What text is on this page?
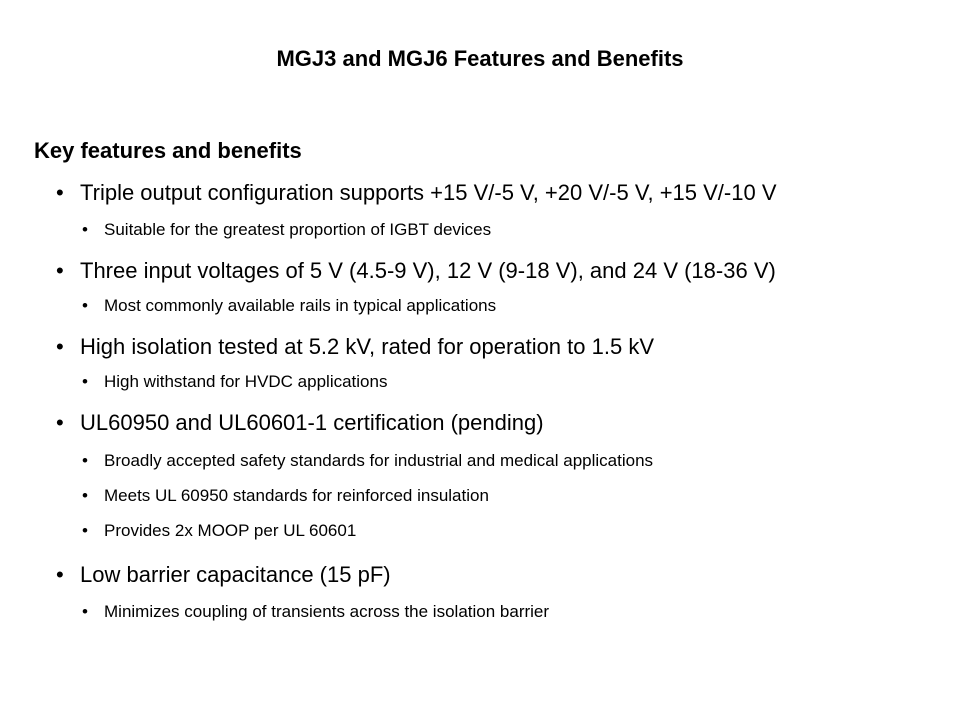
MGJ3 and MGJ6 Features and Benefits
Key features and benefits
• Triple output configuration supports +15 V/-5 V, +20 V/-5 V, +15 V/-10 V
• Suitable for the greatest proportion of IGBT devices
• Three input voltages of 5 V (4.5-9 V), 12 V (9-18 V), and 24 V (18-36 V)
• Most commonly available rails in typical applications
• High isolation tested at 5.2 kV, rated for operation to 1.5 kV
• High withstand for HVDC applications
• UL60950 and UL60601-1 certification (pending)
• Broadly accepted safety standards for industrial and medical applications
• Meets UL 60950 standards for reinforced insulation
• Provides 2x MOOP per UL 60601
• Low barrier capacitance (15 pF)
• Minimizes coupling of transients across the isolation barrier
